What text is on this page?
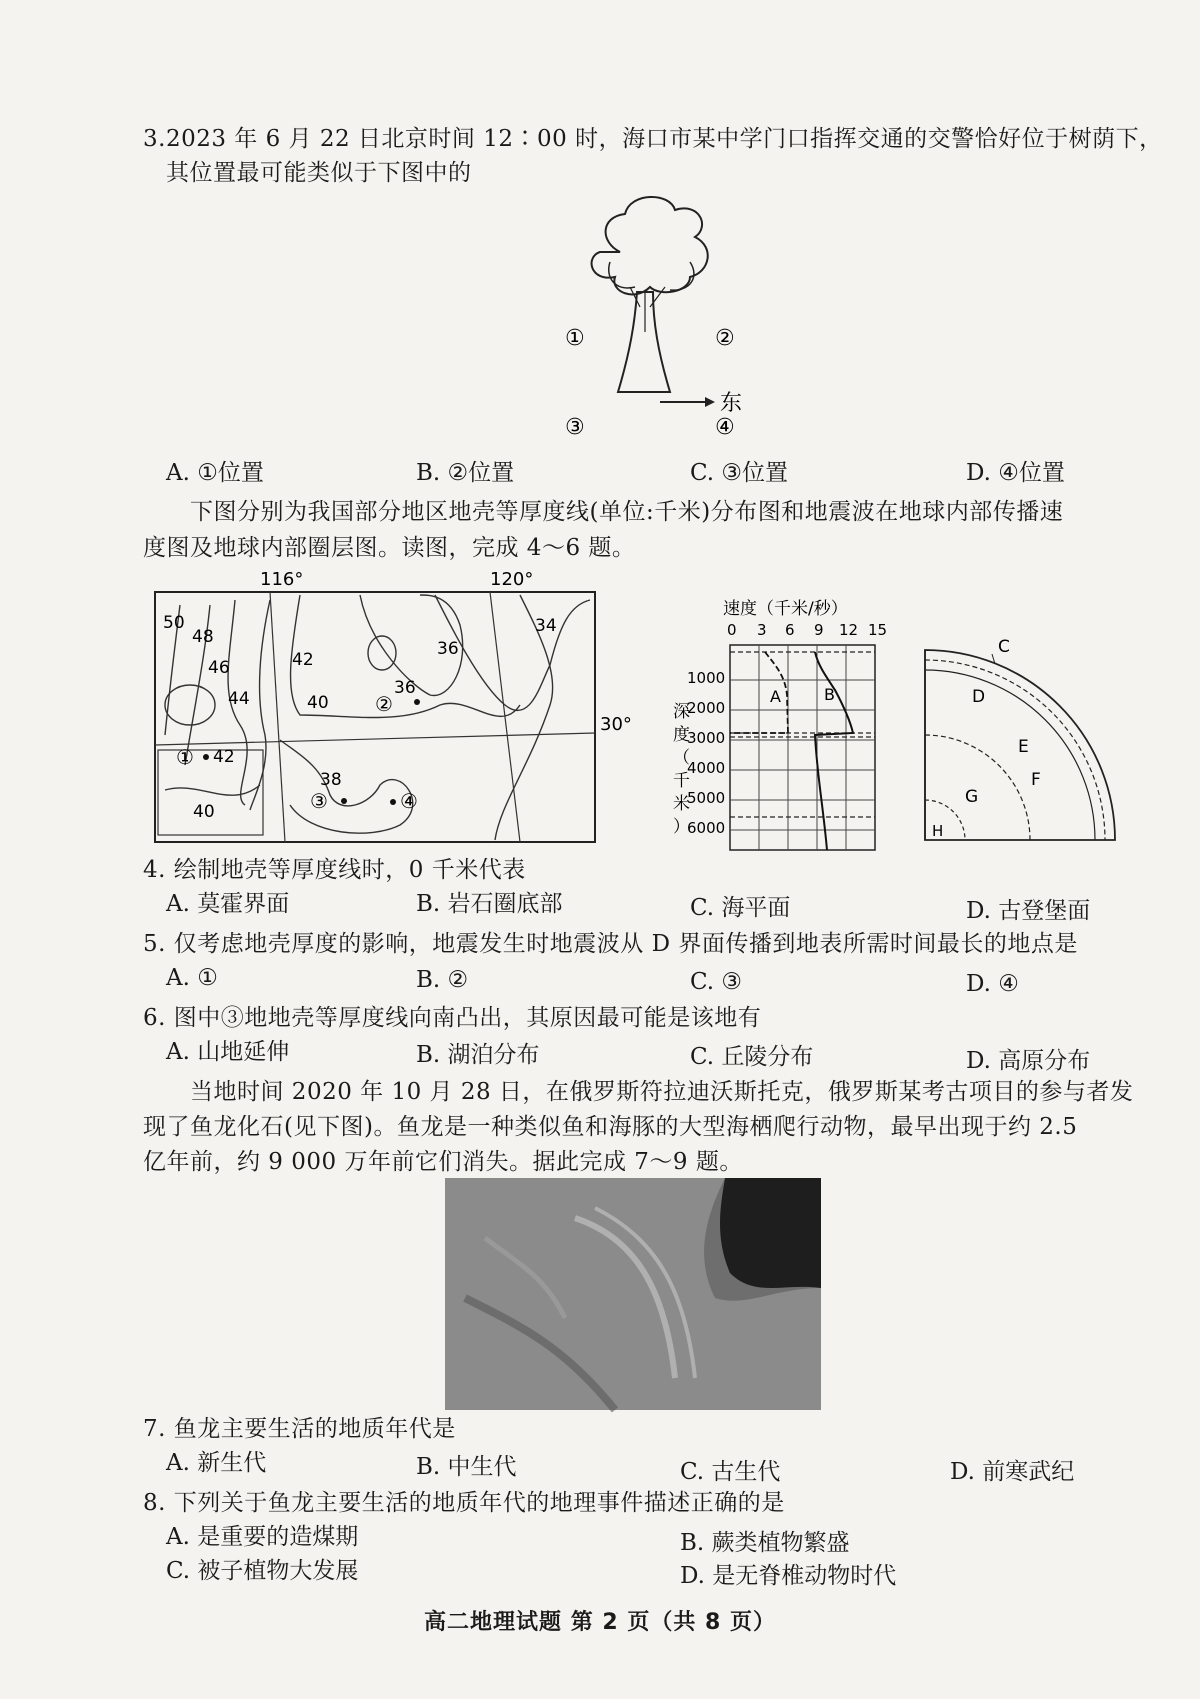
3.2023 年 6 月 22 日北京时间 12∶00 时，海口市某中学门口指挥交通的交警恰好位于树荫下，
其位置最可能类似于下图中的
①	②
③	④
东
A. ①位置	B. ②位置	C. ③位置	D. ④位置
下图分别为我国部分地区地壳等厚度线(单位:千米)分布图和地震波在地球内部传播速
度图及地球内部圈层图。读图，完成 4～6 题。
116°	120°
30°
50
48
46
44
42
40
36
36
34
38
42
40
①
②
③	④
速度（千米/秒）
0 3 6 9 12 15
A	B
1000
2000
3000
4000
5000
6000
深
度
（
千
米
）
C
D
E
F
G
H
4. 绘制地壳等厚度线时，0 千米代表
A. 莫霍界面	B. 岩石圈底部	C. 海平面	D. 古登堡面
5. 仅考虑地壳厚度的影响，地震发生时地震波从 D 界面传播到地表所需时间最长的地点是
A. ①	B. ②	C. ③	D. ④
6. 图中③地地壳等厚度线向南凸出，其原因最可能是该地有
A. 山地延伸	B. 湖泊分布	C. 丘陵分布	D. 高原分布
当地时间 2020 年 10 月 28 日，在俄罗斯符拉迪沃斯托克，俄罗斯某考古项目的参与者发
现了鱼龙化石(见下图)。鱼龙是一种类似鱼和海豚的大型海栖爬行动物，最早出现于约 2.5
亿年前，约 9 000 万年前它们消失。据此完成 7～9 题。
7. 鱼龙主要生活的地质年代是
A. 新生代	B. 中生代	C. 古生代	D. 前寒武纪
8. 下列关于鱼龙主要生活的地质年代的地理事件描述正确的是
A. 是重要的造煤期	B. 蕨类植物繁盛
C. 被子植物大发展	D. 是无脊椎动物时代
高二地理试题 第 2 页（共 8 页）
